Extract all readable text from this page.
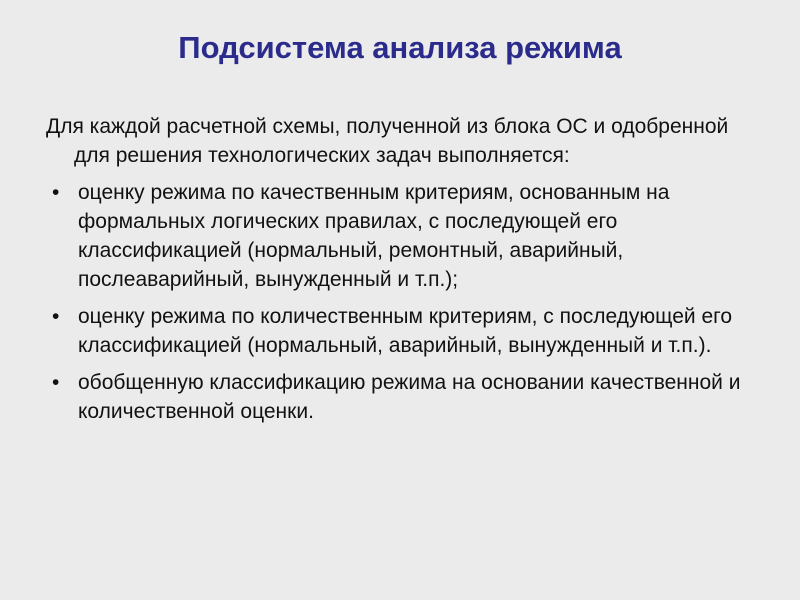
Подсистема анализа режима

Для каждой расчетной схемы, полученной из блока ОС и одобренной для решения технологических задач выполняется:

• оценку режима по качественным критериям, основанным на формальных логических правилах, с последующей его классификацией (нормальный, ремонтный, аварийный, послеаварийный, вынужденный и т.п.);
• оценку режима по количественным критериям, с последующей его классификацией (нормальный, аварийный, вынужденный и т.п.).
• обобщенную классификацию режима на основании качественной и количественной оценки.
